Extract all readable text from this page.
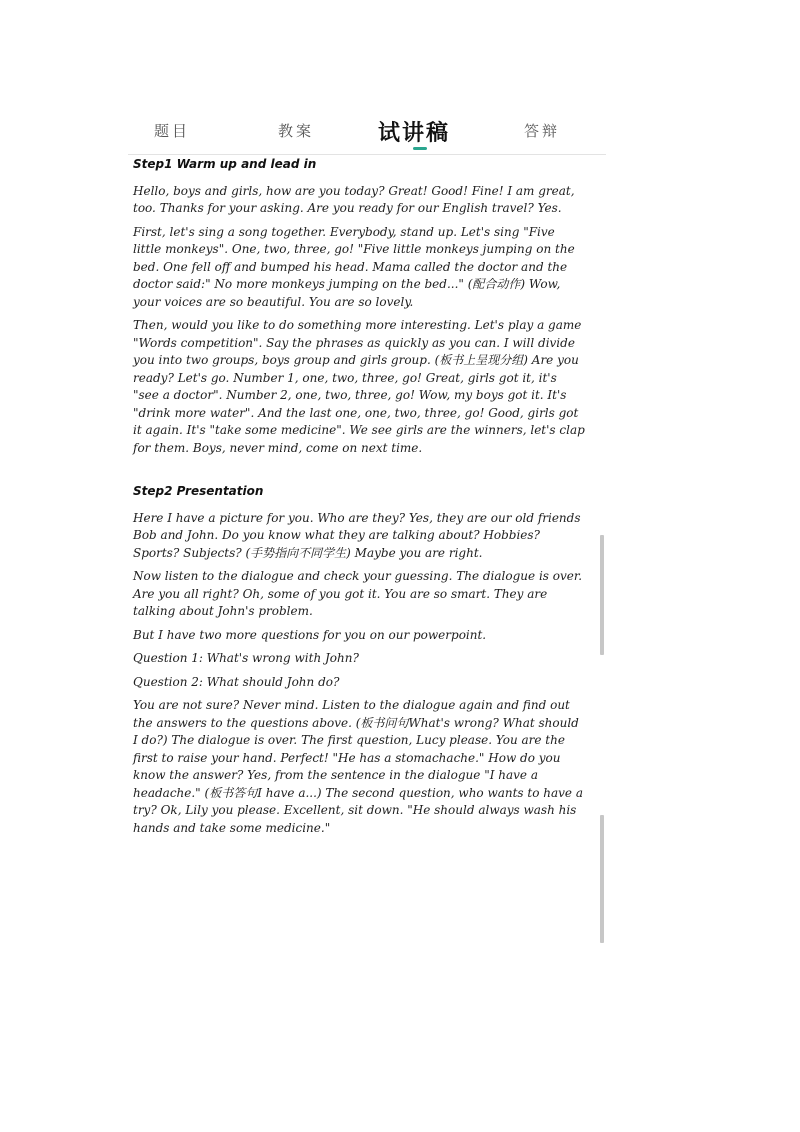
题目	教案	试讲稿	答辩
Step1 Warm up and lead in

Hello, boys and girls, how are you today? Great! Good! Fine! I am great, too. Thanks for your asking. Are you ready for our English travel? Yes.

First, let's sing a song together. Everybody, stand up. Let's sing "Five little monkeys". One, two, three, go! "Five little monkeys jumping on the bed. One fell off and bumped his head. Mama called the doctor and the doctor said:" No more monkeys jumping on the bed..." (配合动作) Wow, your voices are so beautiful. You are so lovely.

Then, would you like to do something more interesting. Let's play a game "Words competition". Say the phrases as quickly as you can. I will divide you into two groups, boys group and girls group. (板书上呈现分组) Are you ready? Let's go. Number 1, one, two, three, go! Great, girls got it, it's "see a doctor". Number 2, one, two, three, go! Wow, my boys got it. It's "drink more water". And the last one, one, two, three, go! Good, girls got it again. It's "take some medicine". We see girls are the winners, let's clap for them. Boys, never mind, come on next time.

Step2 Presentation

Here I have a picture for you. Who are they? Yes, they are our old friends Bob and John. Do you know what they are talking about? Hobbies? Sports? Subjects? (手势指向不同学生) Maybe you are right.

Now listen to the dialogue and check your guessing. The dialogue is over. Are you all right? Oh, some of you got it. You are so smart. They are talking about John's problem.

But I have two more questions for you on our powerpoint.

Question 1: What's wrong with John?

Question 2: What should John do?

You are not sure? Never mind. Listen to the dialogue again and find out the answers to the questions above. (板书问句What's wrong? What should I do?) The dialogue is over. The first question, Lucy please. You are the first to raise your hand. Perfect! "He has a stomachache." How do you know the answer? Yes, from the sentence in the dialogue "I have a headache." (板书答句I have a...) The second question, who wants to have a try? Ok, Lily you please. Excellent, sit down. "He should always wash his hands and take some medicine."
